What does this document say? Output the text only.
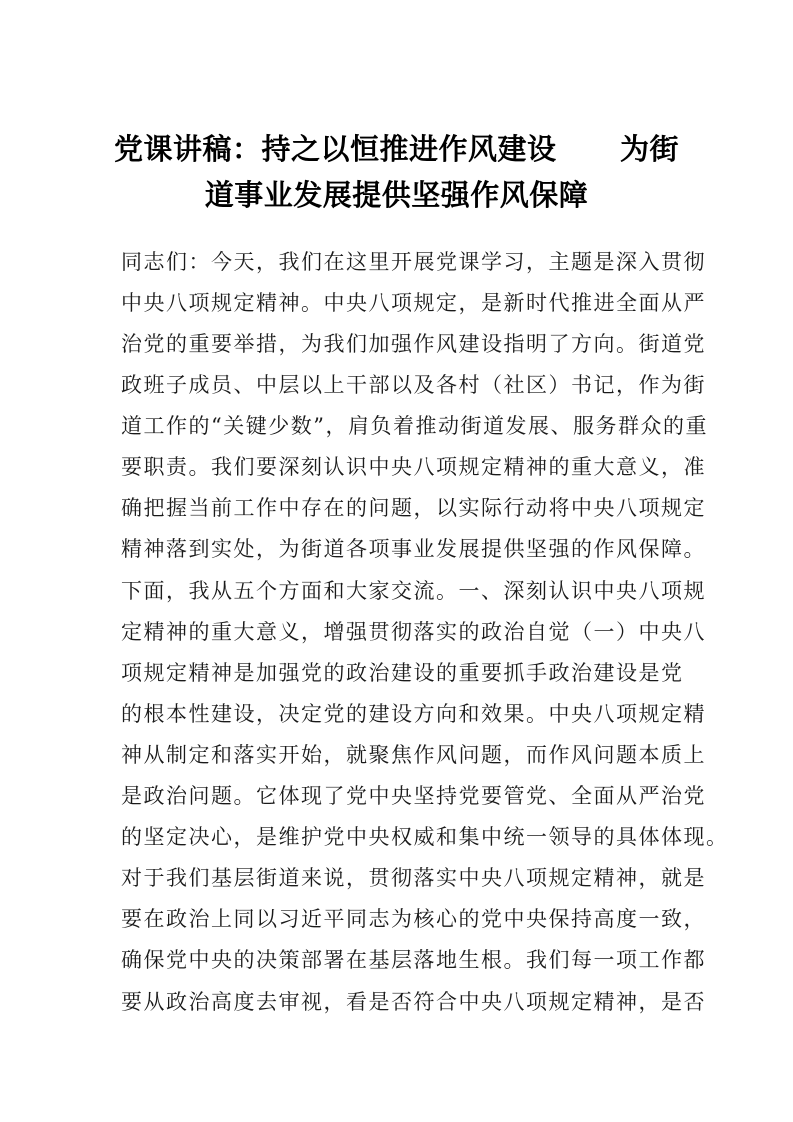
党课讲稿：持之以恒推进作风建设      为街
道事业发展提供坚强作风保障
同志们：今天，我们在这里开展党课学习，主题是深入贯彻
中央八项规定精神。中央八项规定，是新时代推进全面从严
治党的重要举措，为我们加强作风建设指明了方向。街道党
政班子成员、中层以上干部以及各村（社区）书记，作为街
道工作的“关键少数”，肩负着推动街道发展、服务群众的重
要职责。我们要深刻认识中央八项规定精神的重大意义，准
确把握当前工作中存在的问题，以实际行动将中央八项规定
精神落到实处，为街道各项事业发展提供坚强的作风保障。
下面，我从五个方面和大家交流。一、深刻认识中央八项规
定精神的重大意义，增强贯彻落实的政治自觉（一）中央八
项规定精神是加强党的政治建设的重要抓手政治建设是党
的根本性建设，决定党的建设方向和效果。中央八项规定精
神从制定和落实开始，就聚焦作风问题，而作风问题本质上
是政治问题。它体现了党中央坚持党要管党、全面从严治党
的坚定决心，是维护党中央权威和集中统一领导的具体体现。
对于我们基层街道来说，贯彻落实中央八项规定精神，就是
要在政治上同以习近平同志为核心的党中央保持高度一致，
确保党中央的决策部署在基层落地生根。我们每一项工作都
要从政治高度去审视，看是否符合中央八项规定精神，是否
